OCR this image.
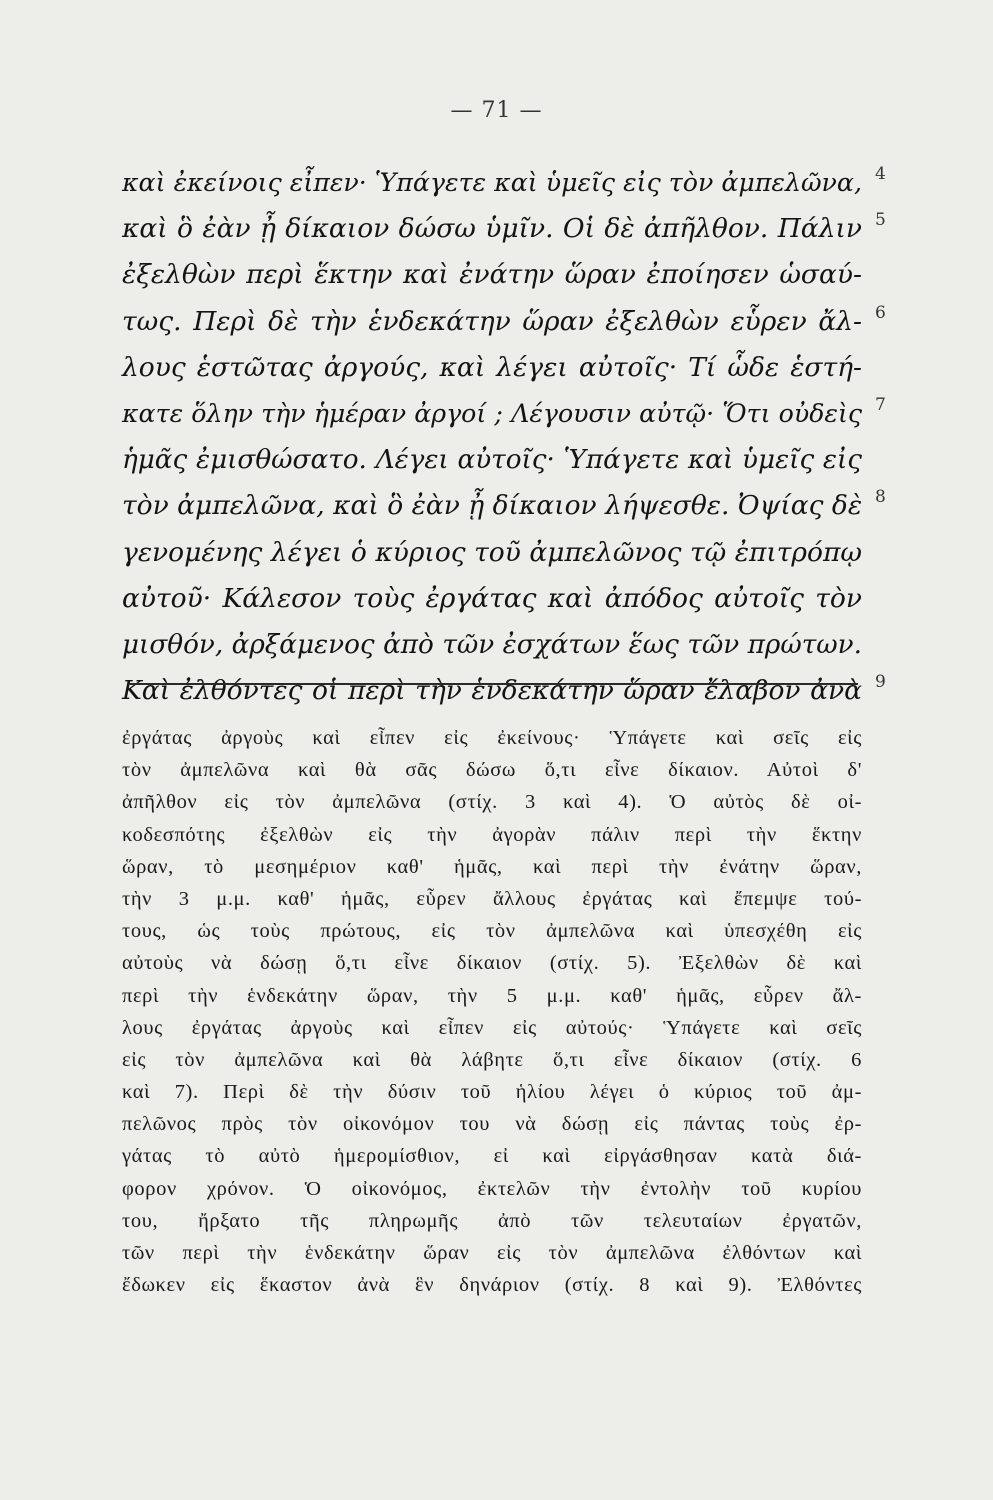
— 71 —
καὶ ἐκείνοις εἶπεν· Ὑπάγετε καὶ ὑμεῖς εἰς τὸν ἀμπελῶνα,
καὶ ὃ ἐὰν ᾖ δίκαιον δώσω ὑμῖν. Οἱ δὲ ἀπῆλθον. Πάλιν
ἐξελθὼν περὶ ἕκτην καὶ ἐνάτην ὥραν ἐποίησεν ὡσαύ-
τως. Περὶ δὲ τὴν ἑνδεκάτην ὥραν ἐξελθὼν εὗρεν ἄλ-
λους ἑστῶτας ἀργούς, καὶ λέγει αὐτοῖς· Τί ὧδε ἑστή-
κατε ὅλην τὴν ἡμέραν ἀργοί ; Λέγουσιν αὐτῷ· Ὅτι οὐδεὶς
ἡμᾶς ἐμισθώσατο. Λέγει αὐτοῖς· Ὑπάγετε καὶ ὑμεῖς εἰς
τὸν ἀμπελῶνα, καὶ ὃ ἐὰν ᾖ δίκαιον λήψεσθε. Ὀψίας δὲ
γενομένης λέγει ὁ κύριος τοῦ ἀμπελῶνος τῷ ἐπιτρόπῳ
αὐτοῦ· Κάλεσον τοὺς ἐργάτας καὶ ἀπόδος αὐτοῖς τὸν
μισθόν, ἀρξάμενος ἀπὸ τῶν ἐσχάτων ἕως τῶν πρώτων.
Καὶ ἐλθόντες οἱ περὶ τὴν ἑνδεκάτην ὥραν ἔλαβον ἀνὰ
4
5
6
7
8
9
ἐργάτας ἀργοὺς καὶ εἶπεν εἰς ἐκείνους· Ὑπάγετε καὶ σεῖς εἰς
τὸν ἀμπελῶνα καὶ θὰ σᾶς δώσω ὅ,τι εἶνε δίκαιον. Αὐτοὶ δ'
ἀπῆλθον εἰς τὸν ἀμπελῶνα (στίχ. 3 καὶ 4). Ὁ αὐτὸς δὲ οἰ-
κοδεσπότης ἐξελθὼν εἰς τὴν ἀγορὰν πάλιν περὶ τὴν ἕκτην
ὥραν, τὸ μεσημέριον καθ' ἡμᾶς, καὶ περὶ τὴν ἐνάτην ὥραν,
τὴν 3 μ.μ. καθ' ἡμᾶς, εὗρεν ἄλλους ἐργάτας καὶ ἔπεμψε τού-
τους, ὡς τοὺς πρώτους, εἰς τὸν ἀμπελῶνα καὶ ὑπεσχέθη εἰς
αὐτοὺς νὰ δώσῃ ὅ,τι εἶνε δίκαιον (στίχ. 5). Ἐξελθὼν δὲ καὶ
περὶ τὴν ἑνδεκάτην ὥραν, τὴν 5 μ.μ. καθ' ἡμᾶς, εὗρεν ἄλ-
λους ἐργάτας ἀργοὺς καὶ εἶπεν εἰς αὐτούς· Ὑπάγετε καὶ σεῖς
εἰς τὸν ἀμπελῶνα καὶ θὰ λάβητε ὅ,τι εἶνε δίκαιον (στίχ. 6
καὶ 7). Περὶ δὲ τὴν δύσιν τοῦ ἡλίου λέγει ὁ κύριος τοῦ ἀμ-
πελῶνος πρὸς τὸν οἰκονόμον του νὰ δώσῃ εἰς πάντας τοὺς ἐρ-
γάτας τὸ αὐτὸ ἡμερομίσθιον, εἰ καὶ εἰργάσθησαν κατὰ διά-
φορον χρόνον. Ὁ οἰκονόμος, ἐκτελῶν τὴν ἐντολὴν τοῦ κυρίου
του, ἤρξατο τῆς πληρωμῆς ἀπὸ τῶν τελευταίων ἐργατῶν,
τῶν περὶ τὴν ἑνδεκάτην ὥραν εἰς τὸν ἀμπελῶνα ἐλθόντων καὶ
ἔδωκεν εἰς ἕκαστον ἀνὰ ἓν δηνάριον (στίχ. 8 καὶ 9). Ἐλθόντες
